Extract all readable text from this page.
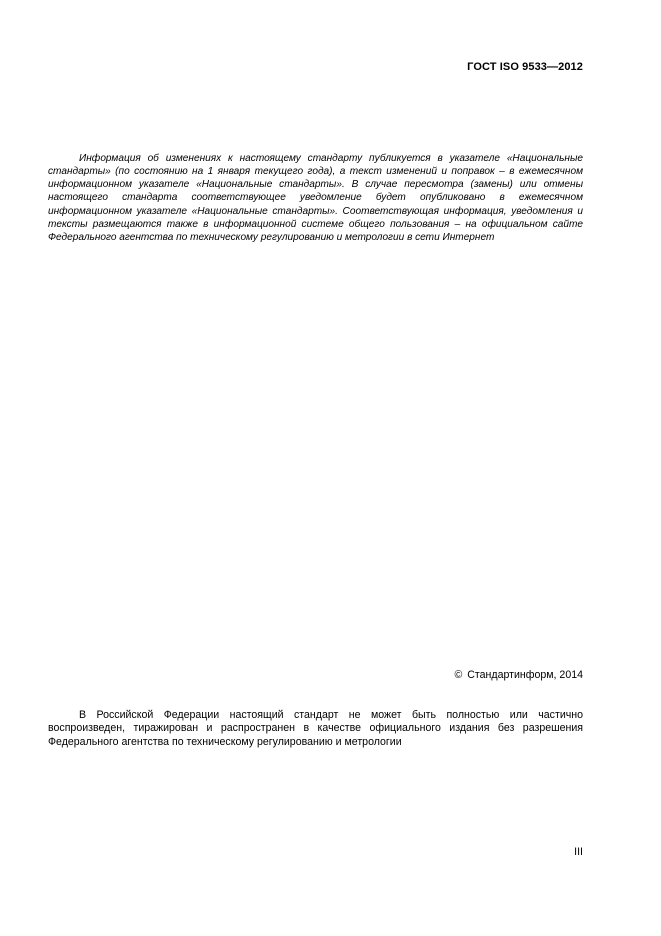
ГОСТ ISO 9533—2012

Информация об изменениях к настоящему стандарту публикуется в указателе «Национальные стандарты» (по состоянию на 1 января текущего года), а текст изменений и поправок – в ежемесячном информационном указателе «Национальные стандарты». В случае пересмотра (замены) или отмены настоящего стандарта соответствующее уведомление будет опубликовано в ежемесячном информационном указателе «Национальные стандарты». Соответствующая информация, уведомления и тексты размещаются также в информационной системе общего пользования – на официальном сайте Федерального агентства по техническому регулированию и метрологии в сети Интернет

© Стандартинформ, 2014

В Российской Федерации настоящий стандарт не может быть полностью или частично воспроизведен, тиражирован и распространен в качестве официального издания без разрешения Федерального агентства по техническому регулированию и метрологии

III
